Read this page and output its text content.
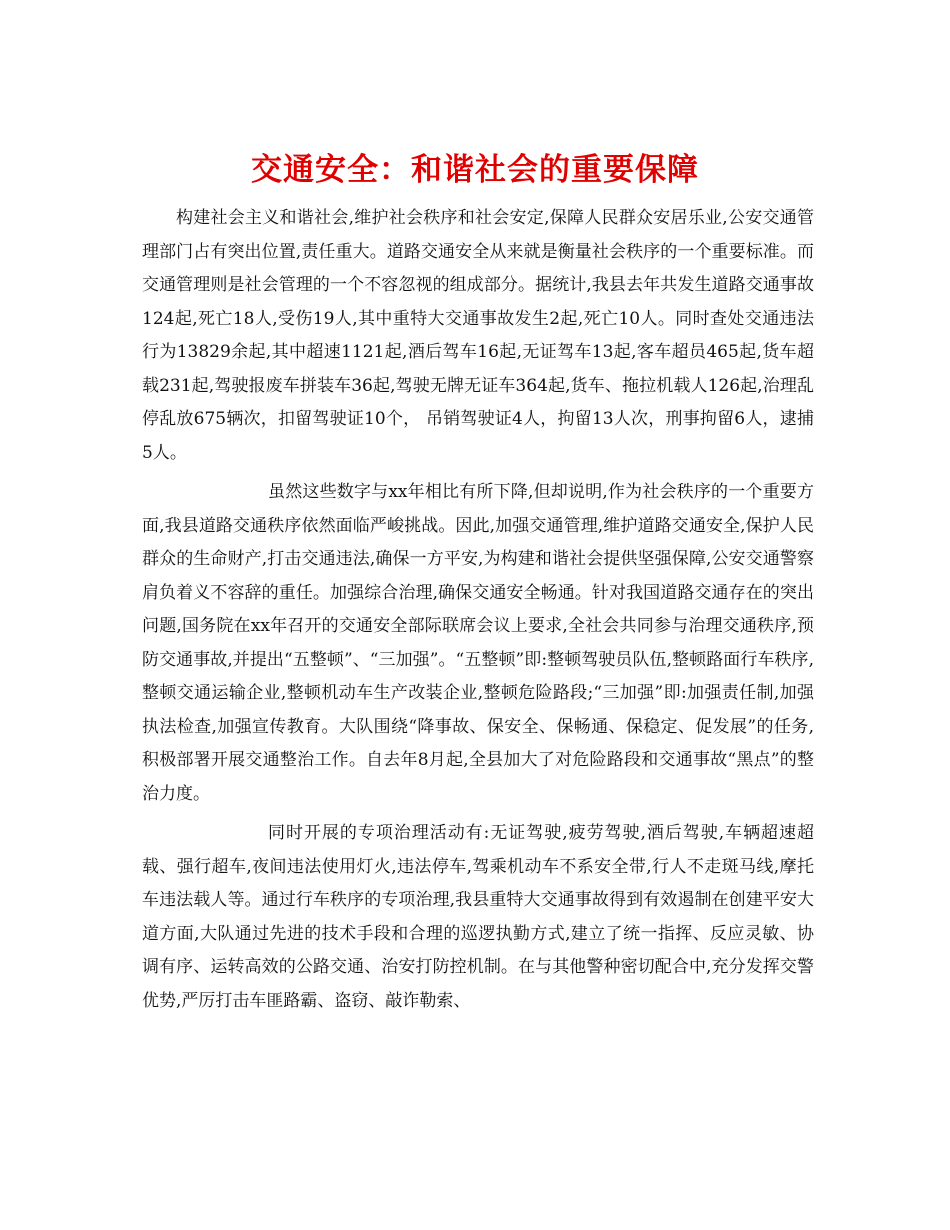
交通安全：和谐社会的重要保障

构建社会主义和谐社会,维护社会秩序和社会安定,保障人民群众安居乐业,公安交通管理部门占有突出位置,责任重大。道路交通安全从来就是衡量社会秩序的一个重要标准。而交通管理则是社会管理的一个不容忽视的组成部分。据统计,我县去年共发生道路交通事故124起,死亡18人,受伤19人,其中重特大交通事故发生2起,死亡10人。同时查处交通违法行为13829余起,其中超速1121起,酒后驾车16起,无证驾车13起,客车超员465起,货车超载231起,驾驶报废车拼装车36起,驾驶无牌无证车364起,货车、拖拉机载人126起,治理乱停乱放675辆次，扣留驾驶证10个， 吊销驾驶证4人，拘留13人次，刑事拘留6人，逮捕5人。

虽然这些数字与xx年相比有所下降,但却说明,作为社会秩序的一个重要方面,我县道路交通秩序依然面临严峻挑战。因此,加强交通管理,维护道路交通安全,保护人民群众的生命财产,打击交通违法,确保一方平安,为构建和谐社会提供坚强保障,公安交通警察肩负着义不容辞的重任。加强综合治理,确保交通安全畅通。针对我国道路交通存在的突出问题,国务院在xx年召开的交通安全部际联席会议上要求,全社会共同参与治理交通秩序,预防交通事故,并提出“五整顿”、“三加强”。“五整顿”即:整顿驾驶员队伍,整顿路面行车秩序,整顿交通运输企业,整顿机动车生产改装企业,整顿危险路段;“三加强”即:加强责任制,加强执法检查,加强宣传教育。大队围绕“降事故、保安全、保畅通、保稳定、促发展”的任务,积极部署开展交通整治工作。自去年8月起,全县加大了对危险路段和交通事故“黑点”的整治力度。

同时开展的专项治理活动有:无证驾驶,疲劳驾驶,酒后驾驶,车辆超速超载、强行超车,夜间违法使用灯火,违法停车,驾乘机动车不系安全带,行人不走斑马线,摩托车违法载人等。通过行车秩序的专项治理,我县重特大交通事故得到有效遏制在创建平安大道方面,大队通过先进的技术手段和合理的巡逻执勤方式,建立了统一指挥、反应灵敏、协调有序、运转高效的公路交通、治安打防控机制。在与其他警种密切配合中,充分发挥交警优势,严厉打击车匪路霸、盗窃、敲诈勒索、
